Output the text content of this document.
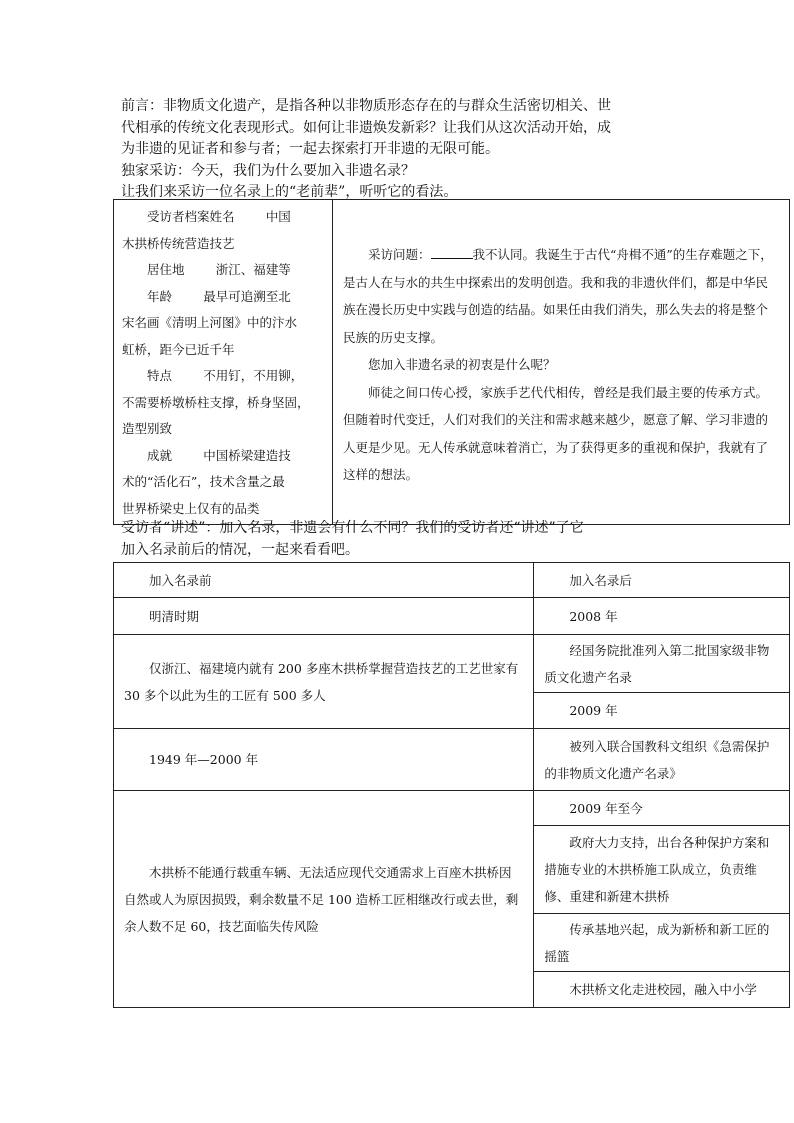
前言：非物质文化遗产，是指各种以非物质形态存在的与群众生活密切相关、世

代相承的传统文化表现形式。如何让非遗焕发新彩？让我们从这次活动开始，成

为非遗的见证者和参与者；一起去探索打开非遗的无限可能。

独家采访：今天，我们为什么要加入非遗名录？

让我们来采访一位名录上的“老前辈”，听听它的看法。

受访者档案姓名	中国

木拱桥传统营造技艺

居住地	浙江、福建等

年龄	最早可追溯至北

宋名画《清明上河图》中的汴水

虹桥，距今已近千年

特点	不用钉，不用铆，

不需要桥墩桥柱支撑，桥身坚固，

造型别致

成就	中国桥梁建造技

术的“活化石”，技术含量之最

世界桥梁史上仅有的品类

采访问题：	我不认同。我诞生于古代“舟楫不通”的生存难题之下，是古人在与水的共生中探索出的发明创造。我和我的非遗伙伴们，都是中华民族在漫长历史中实践与创造的结晶。如果任由我们消失，那么失去的将是整个民族的历史支撑。

您加入非遗名录的初衷是什么呢？

师徒之间口传心授，家族手艺代代相传，曾经是我们最主要的传承方式。但随着时代变迁，人们对我们的关注和需求越来越少，愿意了解、学习非遗的人更是少见。无人传承就意味着消亡，为了获得更多的重视和保护，我就有了这样的想法。

受访者“讲述”：加入名录，非遗会有什么不同？我们的受访者还“讲述”了它

加入名录前后的情况，一起来看看吧。

加入名录前	加入名录后
明清时期	2008 年
仅浙江、福建境内就有 200 多座木拱桥掌握营造技艺的工艺世家有 30 多个以此为生的工匠有 500 多人	经国务院批准列入第二批国家级非物质文化遗产名录
	2009 年
1949 年—2000 年	被列入联合国教科文组织《急需保护的非物质文化遗产名录》
木拱桥不能通行载重车辆、无法适应现代交通需求上百座木拱桥因自然或人为原因损毁，剩余数量不足 100 造桥工匠相继改行或去世，剩余人数不足 60，技艺面临失传风险	2009 年至今
	政府大力支持，出台各种保护方案和措施专业的木拱桥施工队成立，负责维修、重建和新建木拱桥
	传承基地兴起，成为新桥和新工匠的摇篮
	木拱桥文化走进校园，融入中小学
